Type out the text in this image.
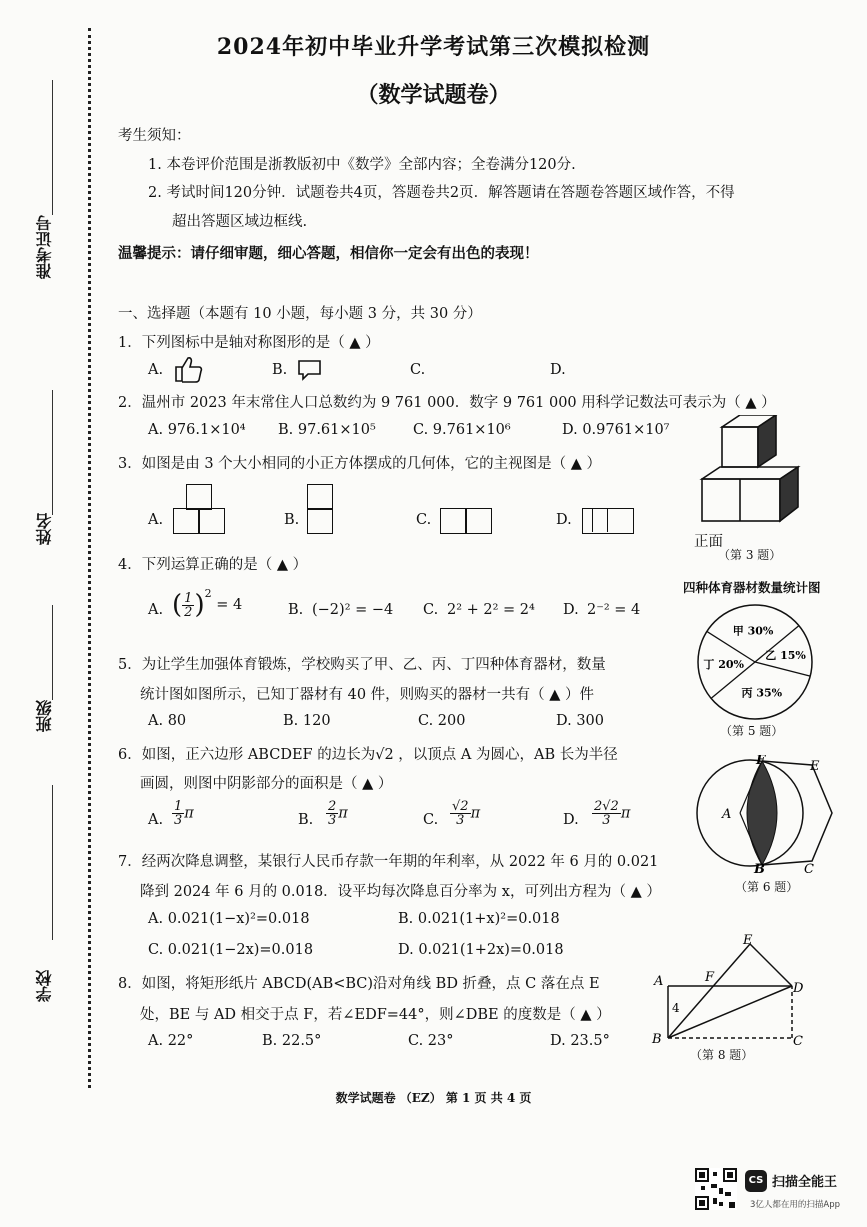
准考证号
姓名
班级
学校
2024年初中毕业升学考试第三次模拟检测
（数学试题卷）
考生须知：
1. 本卷评价范围是浙教版初中《数学》全部内容；全卷满分120分.
2. 考试时间120分钟．试题卷共4页，答题卷共2页．解答题请在答题卷答题区域作答，不得
超出答题区域边框线.
温馨提示：请仔细审题，细心答题，相信你一定会有出色的表现！
一、选择题（本题有 10 小题，每小题 3 分，共 30 分）
1．下列图标中是轴对称图形的是（ ▲ ）
A.	B.	C.	D.
2．温州市 2023 年末常住人口总数约为 9 761 000．数字 9 761 000 用科学记数法可表示为（ ▲ ）
A. 976.1×10⁴ B. 97.61×10⁵	C. 9.761×10⁶	D. 0.9761×10⁷
3．如图是由 3 个大小相同的小正方体摆成的几何体，它的主视图是（ ▲ ）
A.	B.	C.	D.
正面
（第 3 题）
4．下列运算正确的是（ ▲ ）
A. ( $\frac{1}{2} )^2 = 4$	B. (−2)² = −4 C. 2² + 2² = 2⁴ D. 2⁻² = 4
四种体育器材数量统计图
甲 30%
乙 15%
丙 35%
丁 20%
（第 5 题）
5．为让学生加强体育锻炼，学校购买了甲、乙、丙、丁四种体育器材，数量
统计图如图所示，已知丁器材有 40 件，则购买的器材一共有（ ▲ ）件
A. 80	B. 120	C. 200	D. 300
6．如图，正六边形 ABCDEF 的边长为√2 ，以顶点 A 为圆心，AB 长为半径
画圆，则图中阴影部分的面积是（ ▲ ）
A. $\frac{1}{3}$ π	B. $\frac{2}{3}$ π	C. $\frac{√2}{3}$ π	D. $\frac{2√2}{3}$ π
F	E
A
B	C
（第 6 题）
7．经两次降息调整，某银行人民币存款一年期的年利率，从 2022 年 6 月的 0.021
降到 2024 年 6 月的 0.018．设平均每次降息百分率为 x，可列出方程为（ ▲ ）
A. 0.021(1−x)²=0.018	B. 0.021(1+x)²=0.018
C. 0.021(1−2x)=0.018	D. 0.021(1+2x)=0.018
8．如图，将矩形纸片 ABCD(AB<BC)沿对角线 BD 折叠，点 C 落在点 E
处，BE 与 AD 相交于点 F，若∠EDF=44°，则∠DBE 的度数是（ ▲ ）
A. 22°	B. 22.5°	C. 23°	D. 23.5°
A
E
F
D
B	C
4
（第 8 题）
数学试题卷 （EZ） 第 1 页 共 4 页
CS 扫描全能王
3亿人都在用的扫描App
